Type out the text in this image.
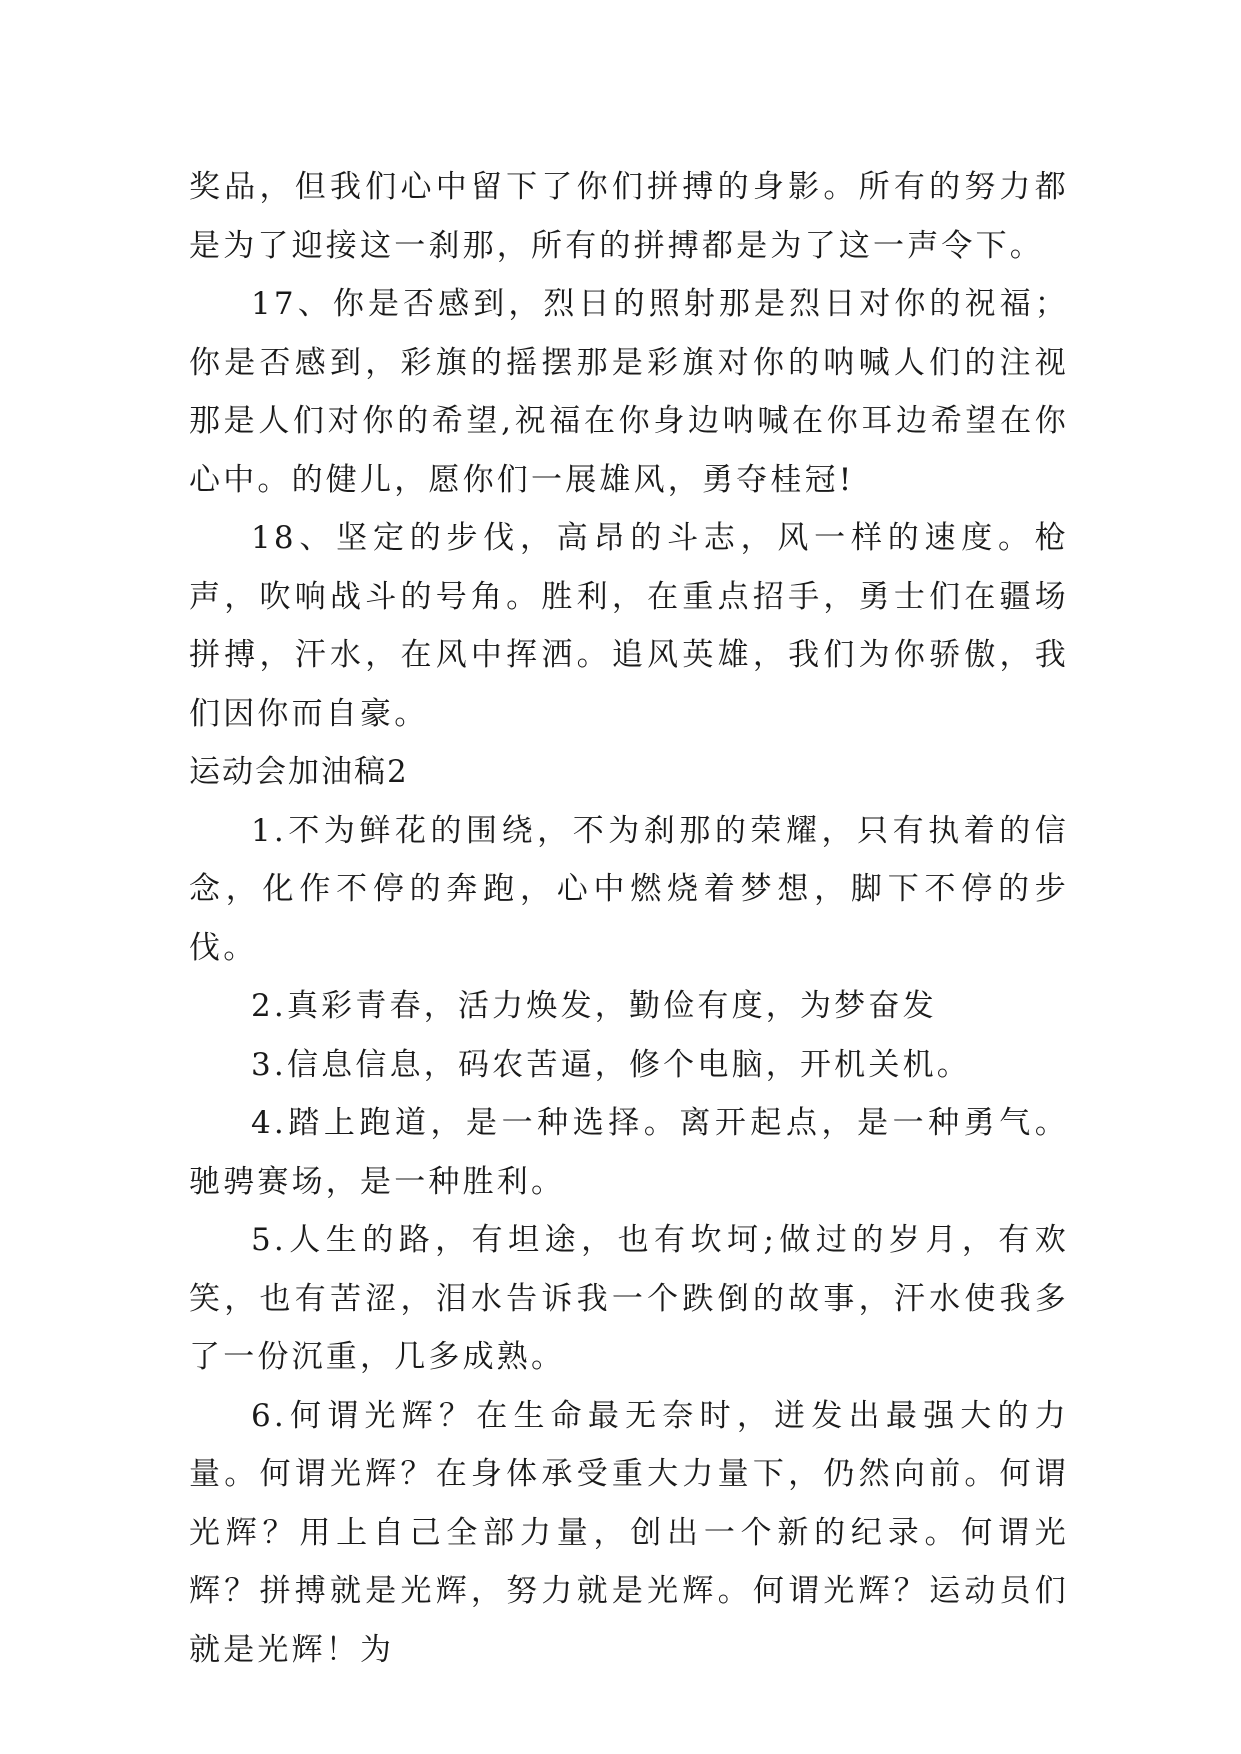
奖品，但我们心中留下了你们拼搏的身影。所有的努力都是为了迎接这一刹那，所有的拼搏都是为了这一声令下。

17、你是否感到，烈日的照射那是烈日对你的祝福；你是否感到，彩旗的摇摆那是彩旗对你的呐喊人们的注视那是人们对你的希望,祝福在你身边呐喊在你耳边希望在你心中。的健儿，愿你们一展雄风，勇夺桂冠!

18、坚定的步伐，高昂的斗志，风一样的速度。枪声，吹响战斗的号角。胜利，在重点招手，勇士们在疆场拼搏，汗水，在风中挥洒。追风英雄，我们为你骄傲，我们因你而自豪。

运动会加油稿2

1.不为鲜花的围绕，不为刹那的荣耀，只有执着的信念，化作不停的奔跑，心中燃烧着梦想，脚下不停的步伐。

2.真彩青春，活力焕发，勤俭有度，为梦奋发

3.信息信息，码农苦逼，修个电脑，开机关机。

4.踏上跑道，是一种选择。离开起点，是一种勇气。驰骋赛场，是一种胜利。

5.人生的路，有坦途，也有坎坷;做过的岁月，有欢笑，也有苦涩，泪水告诉我一个跌倒的故事，汗水使我多了一份沉重，几多成熟。

6.何谓光辉？在生命最无奈时，迸发出最强大的力量。何谓光辉？在身体承受重大力量下，仍然向前。何谓光辉？用上自己全部力量，创出一个新的纪录。何谓光辉？拼搏就是光辉，努力就是光辉。何谓光辉？运动员们就是光辉！为
